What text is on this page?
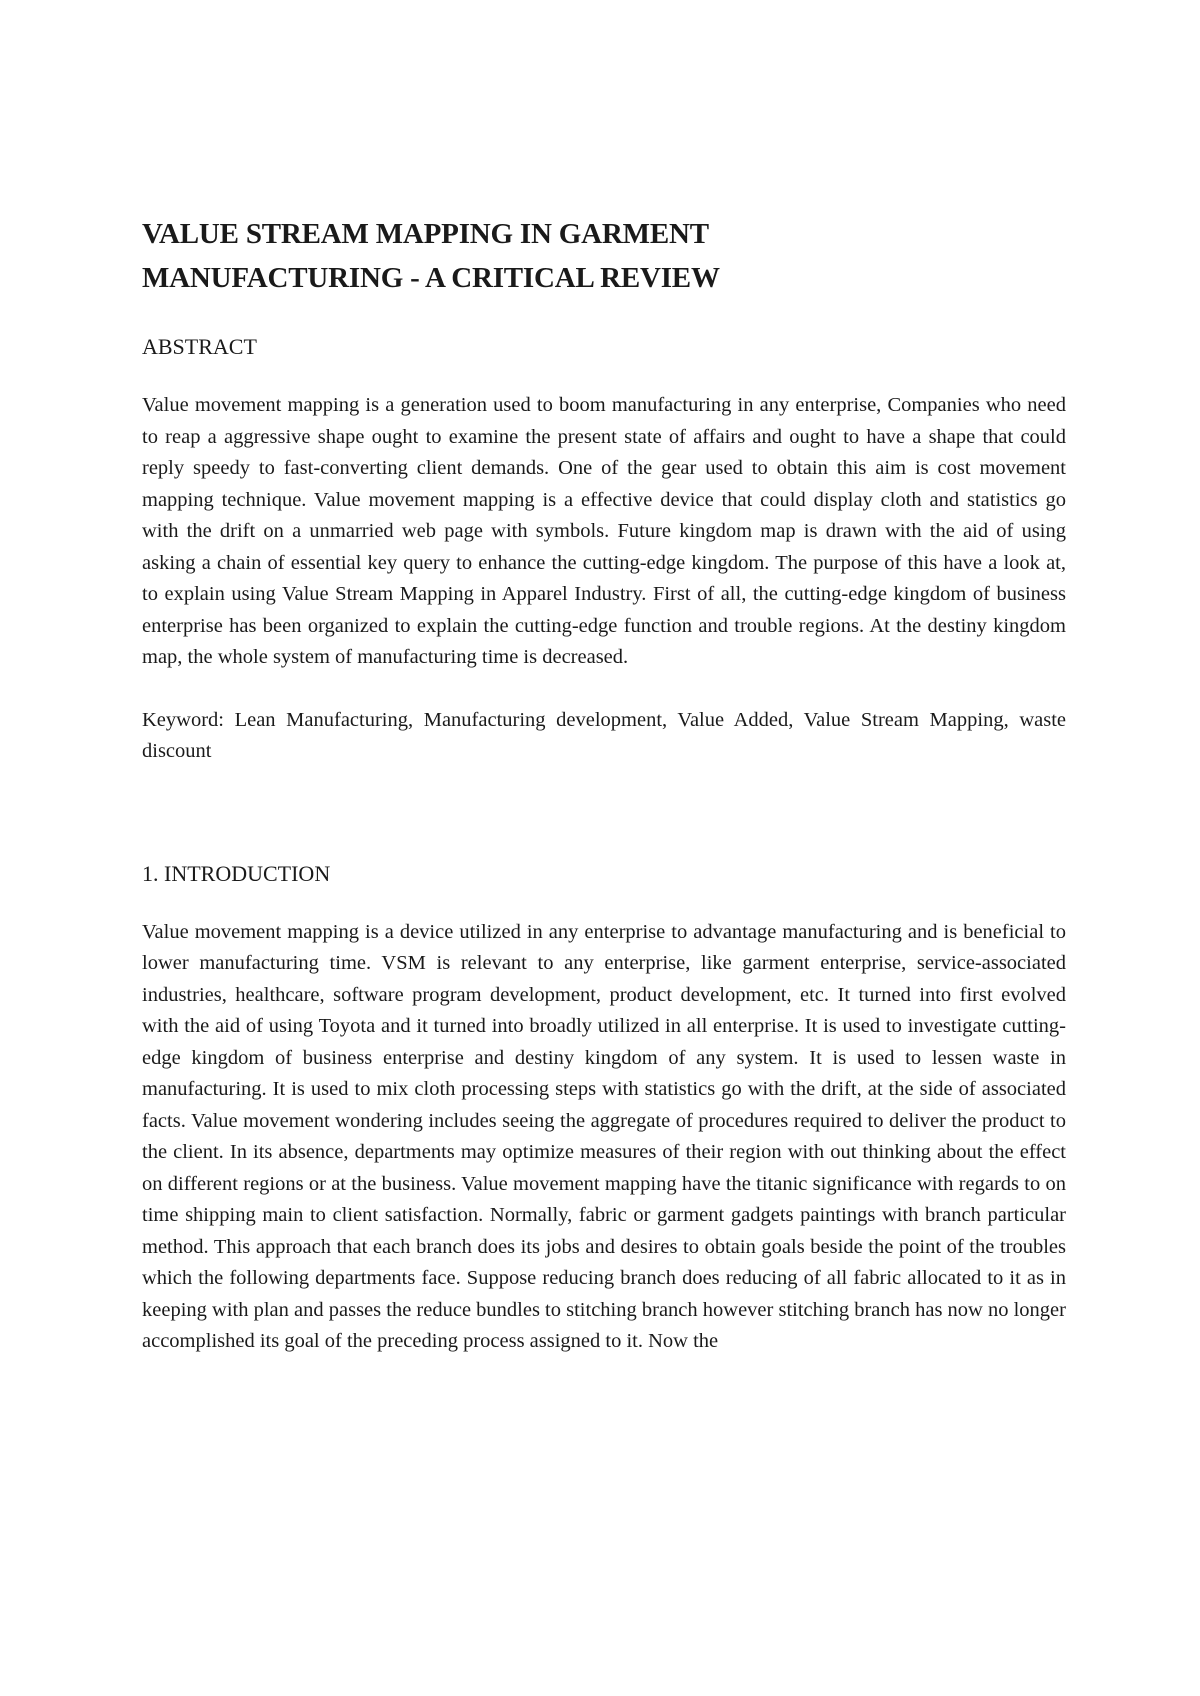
VALUE STREAM MAPPING IN GARMENT
MANUFACTURING - A CRITICAL REVIEW
ABSTRACT

Value movement mapping is a generation used to boom manufacturing in any enterprise, Companies who need to reap a aggressive shape ought to examine the present state of affairs and ought to have a shape that could reply speedy to fast-converting client demands. One of the gear used to obtain this aim is cost movement mapping technique. Value movement mapping is a effective device that could display cloth and statistics go with the drift on a unmarried web page with symbols. Future kingdom map is drawn with the aid of using asking a chain of essential key query to enhance the cutting-edge kingdom. The purpose of this have a look at, to explain using Value Stream Mapping in Apparel Industry. First of all, the cutting-edge kingdom of business enterprise has been organized to explain the cutting-edge function and trouble regions. At the destiny kingdom map, the whole system of manufacturing time is decreased.

Keyword: Lean Manufacturing, Manufacturing development, Value Added, Value Stream Mapping, waste discount

1. INTRODUCTION

Value movement mapping is a device utilized in any enterprise to advantage manufacturing and is beneficial to lower manufacturing time. VSM is relevant to any enterprise, like garment enterprise, service-associated industries, healthcare, software program development, product development, etc. It turned into first evolved with the aid of using Toyota and it turned into broadly utilized in all enterprise. It is used to investigate cutting-edge kingdom of business enterprise and destiny kingdom of any system. It is used to lessen waste in manufacturing. It is used to mix cloth processing steps with statistics go with the drift, at the side of associated facts. Value movement wondering includes seeing the aggregate of procedures required to deliver the product to the client. In its absence, departments may optimize measures of their region with out thinking about the effect on different regions or at the business. Value movement mapping have the titanic significance with regards to on time shipping main to client satisfaction. Normally, fabric or garment gadgets paintings with branch particular method. This approach that each branch does its jobs and desires to obtain goals beside the point of the troubles which the following departments face. Suppose reducing branch does reducing of all fabric allocated to it as in keeping with plan and passes the reduce bundles to stitching branch however stitching branch has now no longer accomplished its goal of the preceding process assigned to it. Now the
